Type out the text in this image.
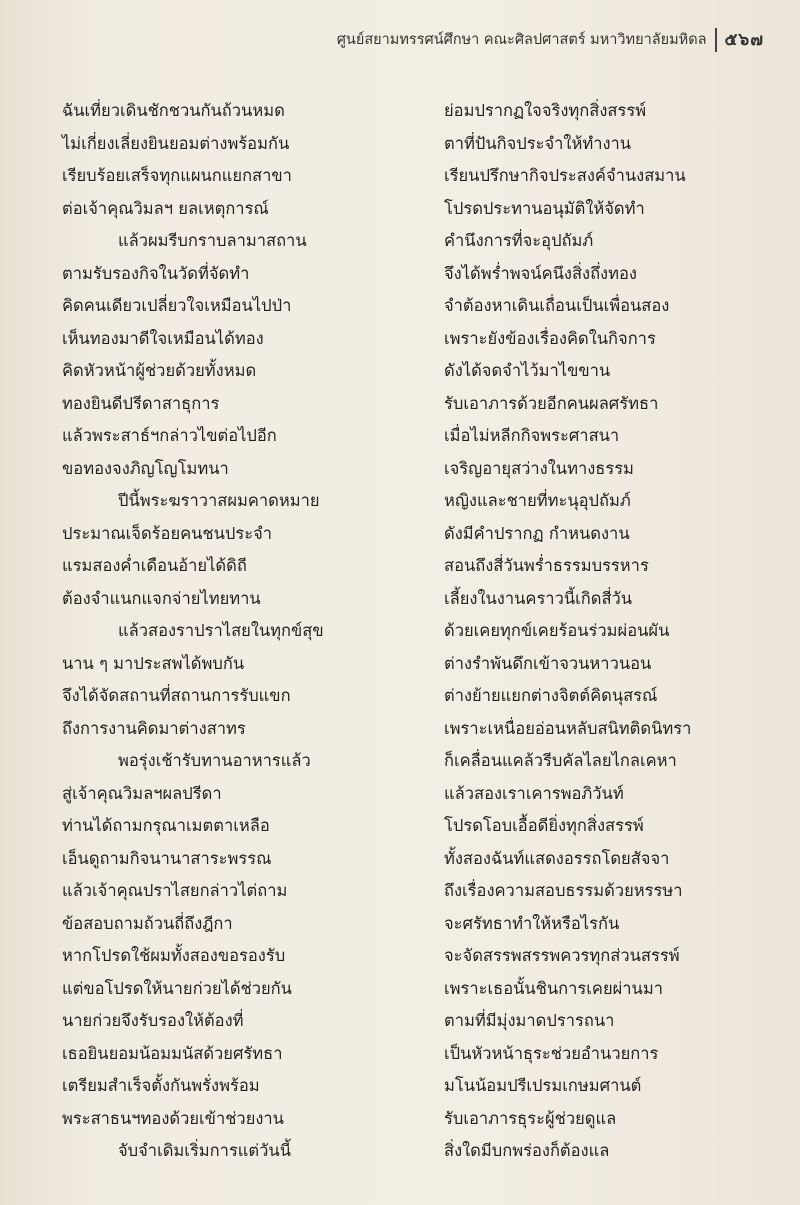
ศูนย์สยามทรรศน์ศึกษา คณะศิลปศาสตร์ มหาวิทยาลัยมหิดล ๕๖๗
ฉันเที่ยวเดินชักชวนกันถ้วนหมด
ไม่เกี่ยงเลี่ยงยินยอมต่างพร้อมกัน
เรียบร้อยเสร็จทุกแผนกแยกสาขา
ต่อเจ้าคุณวิมลฯ ยลเหตุการณ์
แล้วผมรีบกราบลามาสถาน
ตามรับรองกิจในวัดที่จัดทำ
คิดคนเดียวเปลี่ยวใจเหมือนไปป่า
เห็นทองมาดีใจเหมือนได้ทอง
คิดหัวหน้าผู้ช่วยด้วยทั้งหมด
ทองยินดีปรีดาสาธุการ
แล้วพระสาธ์ฯกล่าวไขต่อไปอีก
ขอทองจงภิญโญโมทนา
ปีนี้พระฆราวาสผมคาดหมาย
ประมาณเจ็ดร้อยคนชนประจำ
แรมสองค่ำเดือนอ้ายได้ดิถี
ต้องจำแนกแจกจ่ายไทยทาน
แล้วสองราปราไสยในทุกข์สุข
นาน ๆ มาประสพได้พบกัน
จึงได้จัดสถานที่สถานการรับแขก
ถึงการงานคิดมาต่างสาทร
พอรุ่งเช้ารับทานอาหารแล้ว
สู่เจ้าคุณวิมลฯผลปรีดา
ท่านได้ถามกรุณาเมตตาเหลือ
เอ็นดูถามกิจนานาสาระพรรณ
แล้วเจ้าคุณปราไสยกล่าวไต่ถาม
ข้อสอบถามถ้วนถี่ถึงฎีกา
หากโปรดใช้ผมทั้งสองขอรองรับ
แต่ขอโปรดให้นายก่วยได้ช่วยกัน
นายก่วยจึงรับรองให้ต้องที่
เธอยินยอมน้อมมนัสด้วยศรัทธา
เตรียมสำเร็จตั้งกันพรั่งพร้อม
พระสาธนฯทองด้วยเข้าช่วยงาน
จับจำเดิมเริ่มการแต่วันนี้
ย่อมปรากฏใจจริงทุกสิ่งสรรพ์
ตาที่ปันกิจประจำให้ทำงาน
เรียนปรึกษากิจประสงค์จำนงสมาน
โปรดประทานอนุมัติให้จัดทำ
คำนึงการที่จะอุปถัมภ์
จึงได้พร่ำพจน์คนึงสิ่งถึ่งทอง
จำต้องหาเดินเถื่อนเป็นเพื่อนสอง
เพราะยังข้องเรื่องคิดในกิจการ
ดังได้จดจำไว้มาไขขาน
รับเอาภารด้วยอีกคนผลศรัทธา
เมื่อไม่หลีกกิจพระศาสนา
เจริญอายุสว่างในทางธรรม
หญิงและชายที่ทะนุอุปถัมภ์
ดังมีคำปรากฏ กำหนดงาน
สอนถึงสี่วันพร่ำธรรมบรรหาร
เลี้ยงในงานคราวนี้เกิดสี่วัน
ด้วยเคยทุกข์เคยร้อนร่วมผ่อนผัน
ต่างรำพันดึกเข้าจวนหาวนอน
ต่างย้ายแยกต่างจิตต์คิดนุสรณ์
เพราะเหนื่อยอ่อนหลับสนิทติดนิทรา
ก็เคลื่อนแคล้วรีบคัลไลยไกลเคหา
แล้วสองเราเคารพอภิวันท์
โปรดโอบเอื้อดียิ่งทุกสิ่งสรรพ์
ทั้งสองฉันท์แสดงอรรถโดยสัจจา
ถึงเรื่องความสอบธรรมด้วยหรรษา
จะศรัทธาทำให้หรือไรกัน
จะจัดสรรพสรรพควรทุกส่วนสรรพ์
เพราะเธอนั้นชินการเคยผ่านมา
ตามที่มีมุ่งมาดปรารถนา
เป็นหัวหน้าธุระช่วยอำนวยการ
มโนน้อมปรีเปรมเกษมศานต์
รับเอาภารธุระผู้ช่วยดูแล
สิ่งใดมีบกพร่องก็ต้องแล
